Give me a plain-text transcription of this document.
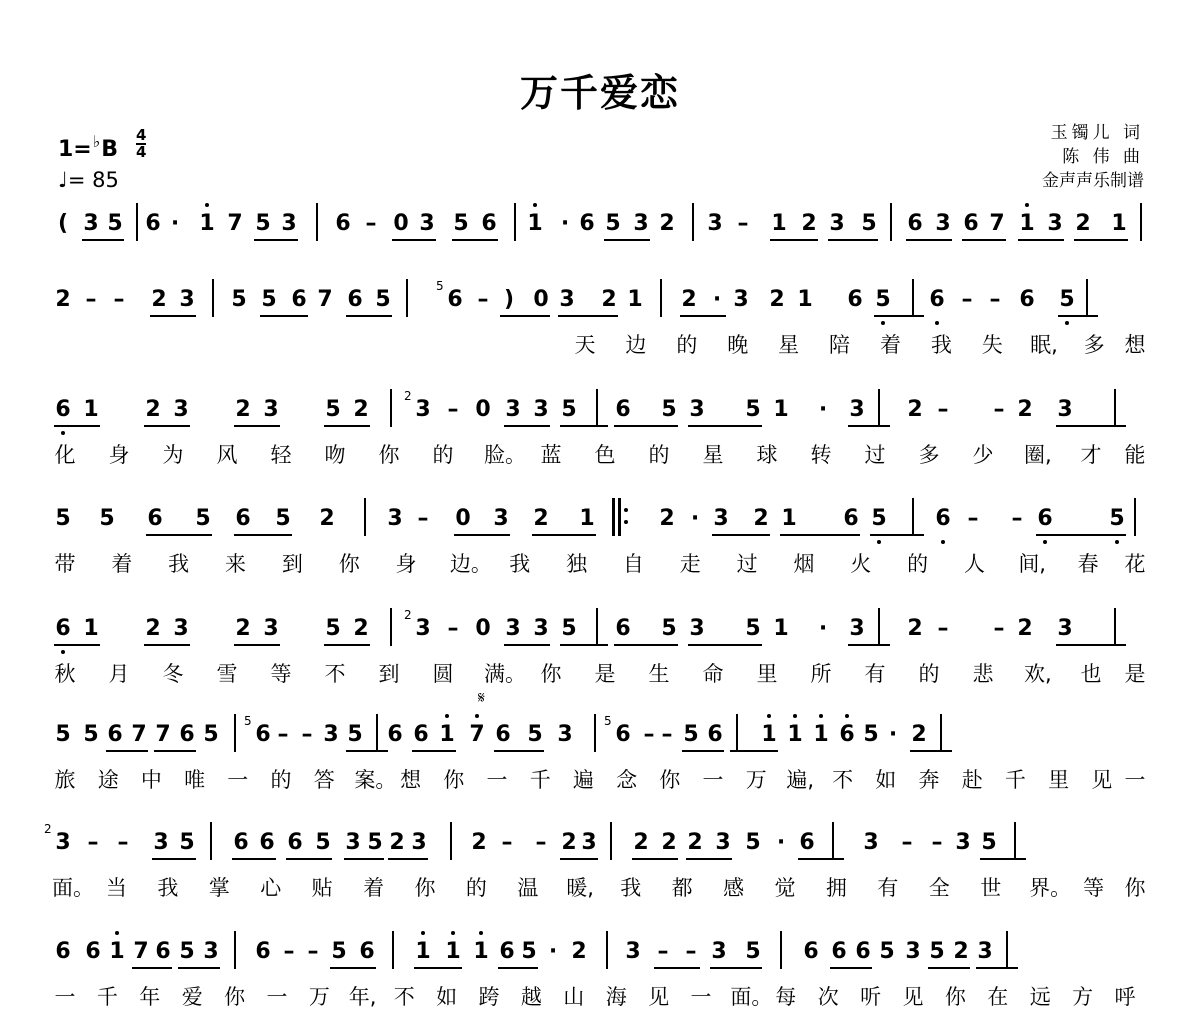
万千爱恋
1=♭B
4
4
♩= 85
玉镯儿 词
陈 伟 曲
金声声乐制谱
( 3 5 6 · 1 7 5 3 6 – 0 3 5 6 1 · 6 5 3 2 3 – 1 2 3 5 6 3 6 7 1 3 2 1
2 – – 2 3 5 5 6 7 6 5
5
6 – ) 0 3 2 1 2 · 3 2 1 6 5 6 – – 6 5
天 边 的 晚 星 陪 着 我 失 眠, 多 想
6 1 2 3 2 3 5 2
2
3 – 0 3 3 5 6 5 3 5 1	·	3 2 – – 2 3
化 身 为 风 轻 吻 你 的 脸。 蓝 色 的 星 球 转 过 多 少 圈, 才 能
5 5 6 5 6 5 2 3 – 0 3 2 1	2 · 3 2 1 6 5 6 – – 6	5
带 着 我 来 到 你 身 边。 我 独 自 走 过 烟 火 的 人 间, 春 花
6 1 2 3 2 3 5 2
2
3 – 0 3 3 5 6 5 3 5 1	·	3 2 – – 2 3
秋 月 冬 雪 等 不 到 圆 满。 你 是 生 命 里 所 有 的 悲 欢, 也 是
5 5 6 7 7 6 5
5
6 – – 3 5 6 6 1 7 6 5 3
5
6 – – 5 6 1 1 1 6 5 · 2
旅 途 中 唯 一 的 答 案。 想 你 一 千 遍 念 你 一 万 遍, 不 如 奔 赴 千 里 见 一
2
3 – – 3 5 6 6 6 5 3 5 2 3 2 – – 2 3 2 2 2 3 5 · 6 3 – – 3 5
面。 当 我 掌 心 贴 着 你 的 温 暖, 我 都 感 觉 拥 有 全 世 界。 等 你
6 6 1 7 6 5 3 6 – – 5 6 1 1 1 6 5 · 2 3 – – 3 5 6 6 6 5 3 5 2 3
一 千 年 爱 你 一 万 年, 不 如 跨 越 山 海 见 一 面。 每 次 听 见 你 在 远 方 呼
𝄋
